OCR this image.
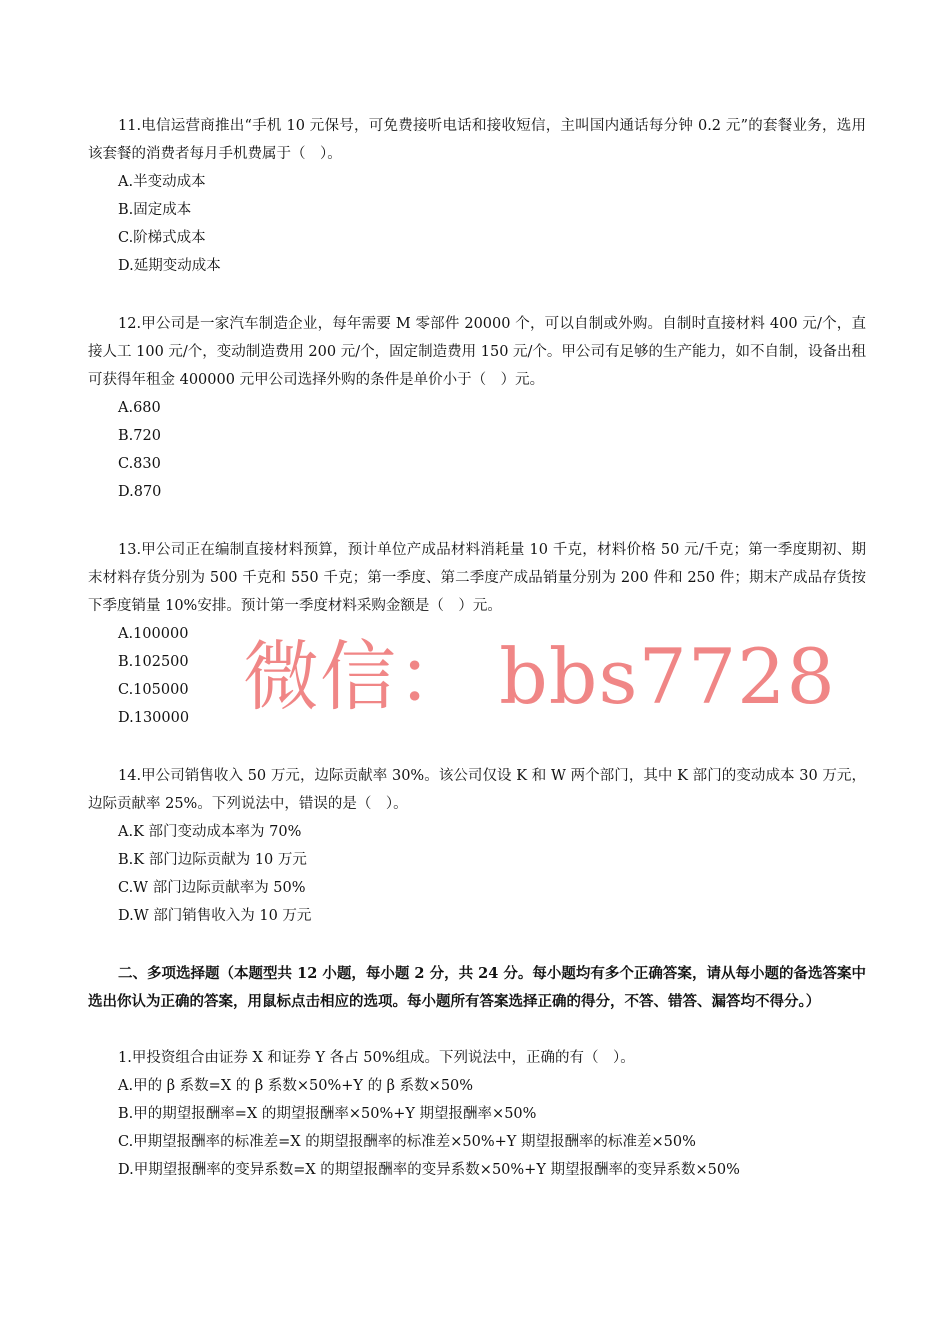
11.电信运营商推出“手机 10 元保号，可免费接听电话和接收短信，主叫国内通话每分钟 0.2 元”的套餐业务，选用该套餐的消费者每月手机费属于（　）。

A.半变动成本

B.固定成本

C.阶梯式成本

D.延期变动成本

12.甲公司是一家汽车制造企业，每年需要 M 零部件 20000 个，可以自制或外购。自制时直接材料 400 元/个，直接人工 100 元/个，变动制造费用 200 元/个，固定制造费用 150 元/个。甲公司有足够的生产能力，如不自制，设备出租可获得年租金 400000 元甲公司选择外购的条件是单价小于（　）元。

A.680

B.720

C.830

D.870

13.甲公司正在编制直接材料预算，预计单位产成品材料消耗量 10 千克，材料价格 50 元/千克；第一季度期初、期末材料存货分别为 500 千克和 550 千克；第一季度、第二季度产成品销量分别为 200 件和 250 件；期末产成品存货按下季度销量 10%安排。预计第一季度材料采购金额是（　）元。

A.100000

B.102500

C.105000

D.130000

14.甲公司销售收入 50 万元，边际贡献率 30%。该公司仅设 K 和 W 两个部门，其中 K 部门的变动成本 30 万元，边际贡献率 25%。下列说法中，错误的是（　）。

A.K 部门变动成本率为 70%

B.K 部门边际贡献为 10 万元

C.W 部门边际贡献率为 50%

D.W 部门销售收入为 10 万元

二、多项选择题（本题型共 12 小题，每小题 2 分，共 24 分。每小题均有多个正确答案，请从每小题的备选答案中选出你认为正确的答案，用鼠标点击相应的选项。每小题所有答案选择正确的得分，不答、错答、漏答均不得分。）

1.甲投资组合由证券 X 和证券 Y 各占 50%组成。下列说法中，正确的有（　）。

A.甲的 β 系数=X 的 β 系数×50%+Y 的 β 系数×50%

B.甲的期望报酬率=X 的期望报酬率×50%+Y 期望报酬率×50%

C.甲期望报酬率的标准差=X 的期望报酬率的标准差×50%+Y 期望报酬率的标准差×50%

D.甲期望报酬率的变异系数=X 的期望报酬率的变异系数×50%+Y 期望报酬率的变异系数×50%

微信： bbs7728
